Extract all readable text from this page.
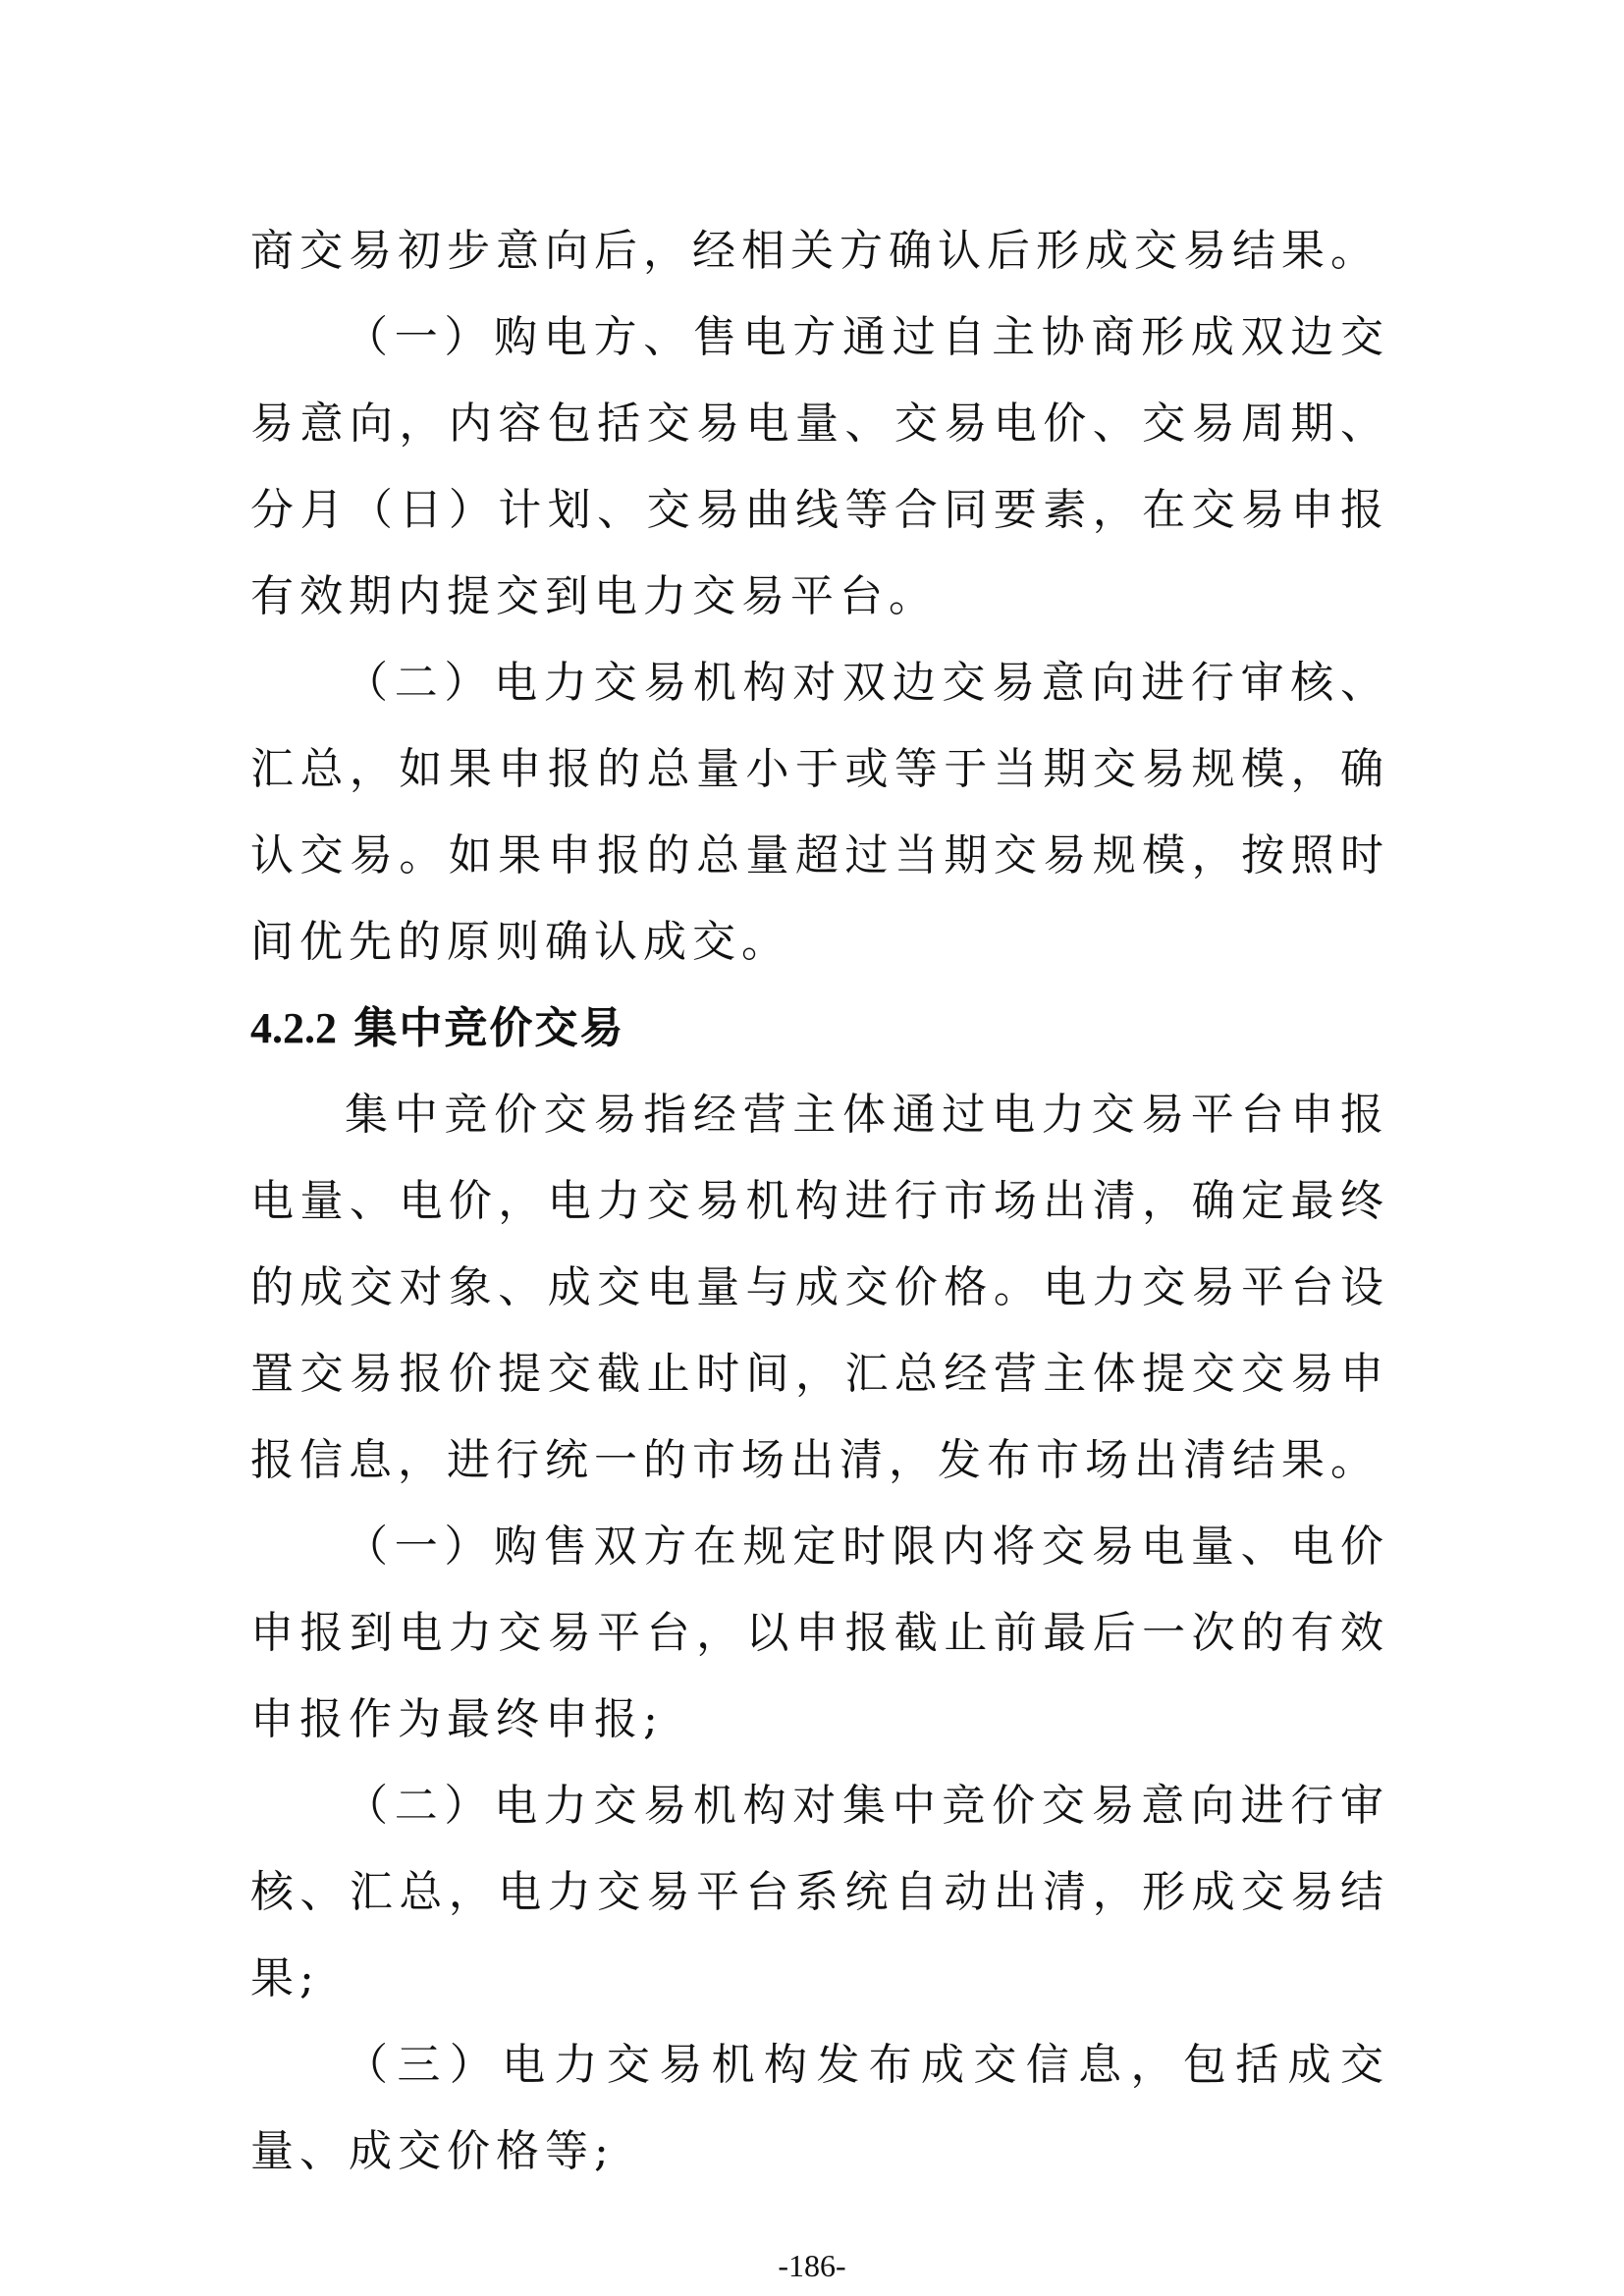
商交易初步意向后，经相关方确认后形成交易结果。

（一）购电方、售电方通过自主协商形成双边交易意向，内容包括交易电量、交易电价、交易周期、分月（日）计划、交易曲线等合同要素，在交易申报有效期内提交到电力交易平台。

（二）电力交易机构对双边交易意向进行审核、汇总，如果申报的总量小于或等于当期交易规模，确认交易。如果申报的总量超过当期交易规模，按照时间优先的原则确认成交。

4.2.2 集中竞价交易

集中竞价交易指经营主体通过电力交易平台申报电量、电价，电力交易机构进行市场出清，确定最终的成交对象、成交电量与成交价格。电力交易平台设置交易报价提交截止时间，汇总经营主体提交交易申报信息，进行统一的市场出清，发布市场出清结果。

（一）购售双方在规定时限内将交易电量、电价申报到电力交易平台，以申报截止前最后一次的有效申报作为最终申报;

（二）电力交易机构对集中竞价交易意向进行审核、汇总，电力交易平台系统自动出清，形成交易结果;

（三）电力交易机构发布成交信息，包括成交量、成交价格等;

-186-
